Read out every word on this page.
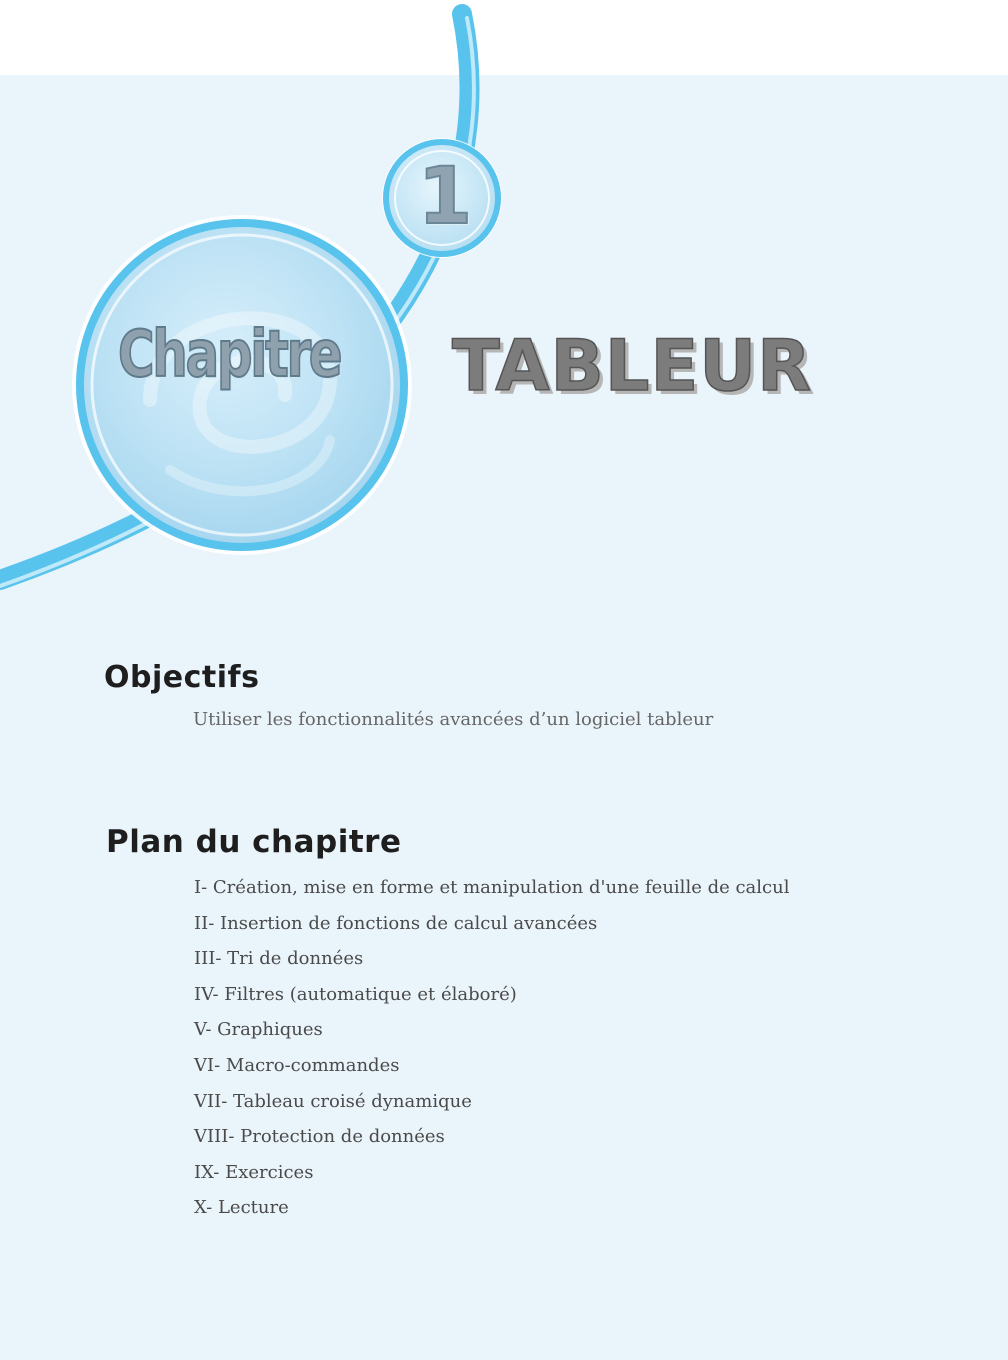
Chapitre
1
TABLEUR
Objectifs
Utiliser les fonctionnalités avancées d’un logiciel tableur
Plan du chapitre
I- Création, mise en forme et manipulation d'une feuille de calcul
II- Insertion de fonctions de calcul avancées
III- Tri de données
IV- Filtres (automatique et élaboré)
V- Graphiques
VI- Macro-commandes
VII- Tableau croisé dynamique
VIII- Protection de données
IX- Exercices
X- Lecture
